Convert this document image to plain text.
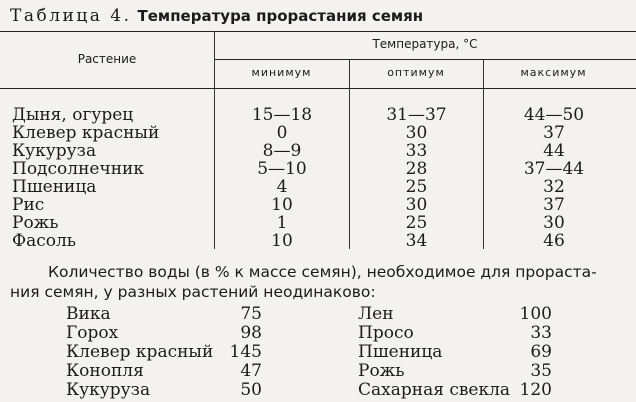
Таблица 4. Температура прорастания семян
Растение
Температура, °С
минимум	оптимум	максимум
Дыня, огурец	15—18	31—37	44—50
Клевер красный	0	30	37
Кукуруза	8—9	33	44
Подсолнечник	5—10	28	37—44
Пшеница	4	25	32
Рис	10	30	37
Рожь	1	25	30
Фасоль	10	34	46
Количество воды (в % к массе семян), необходимое для прораста-
ния семян, у разных растений неодинаково:
Вика	75
Горох	98
Клевер красный 145
Конопля	47
Кукуруза	50
Лен	100
Просо	33
Пшеница	69
Рожь	35
Сахарная свекла 120
